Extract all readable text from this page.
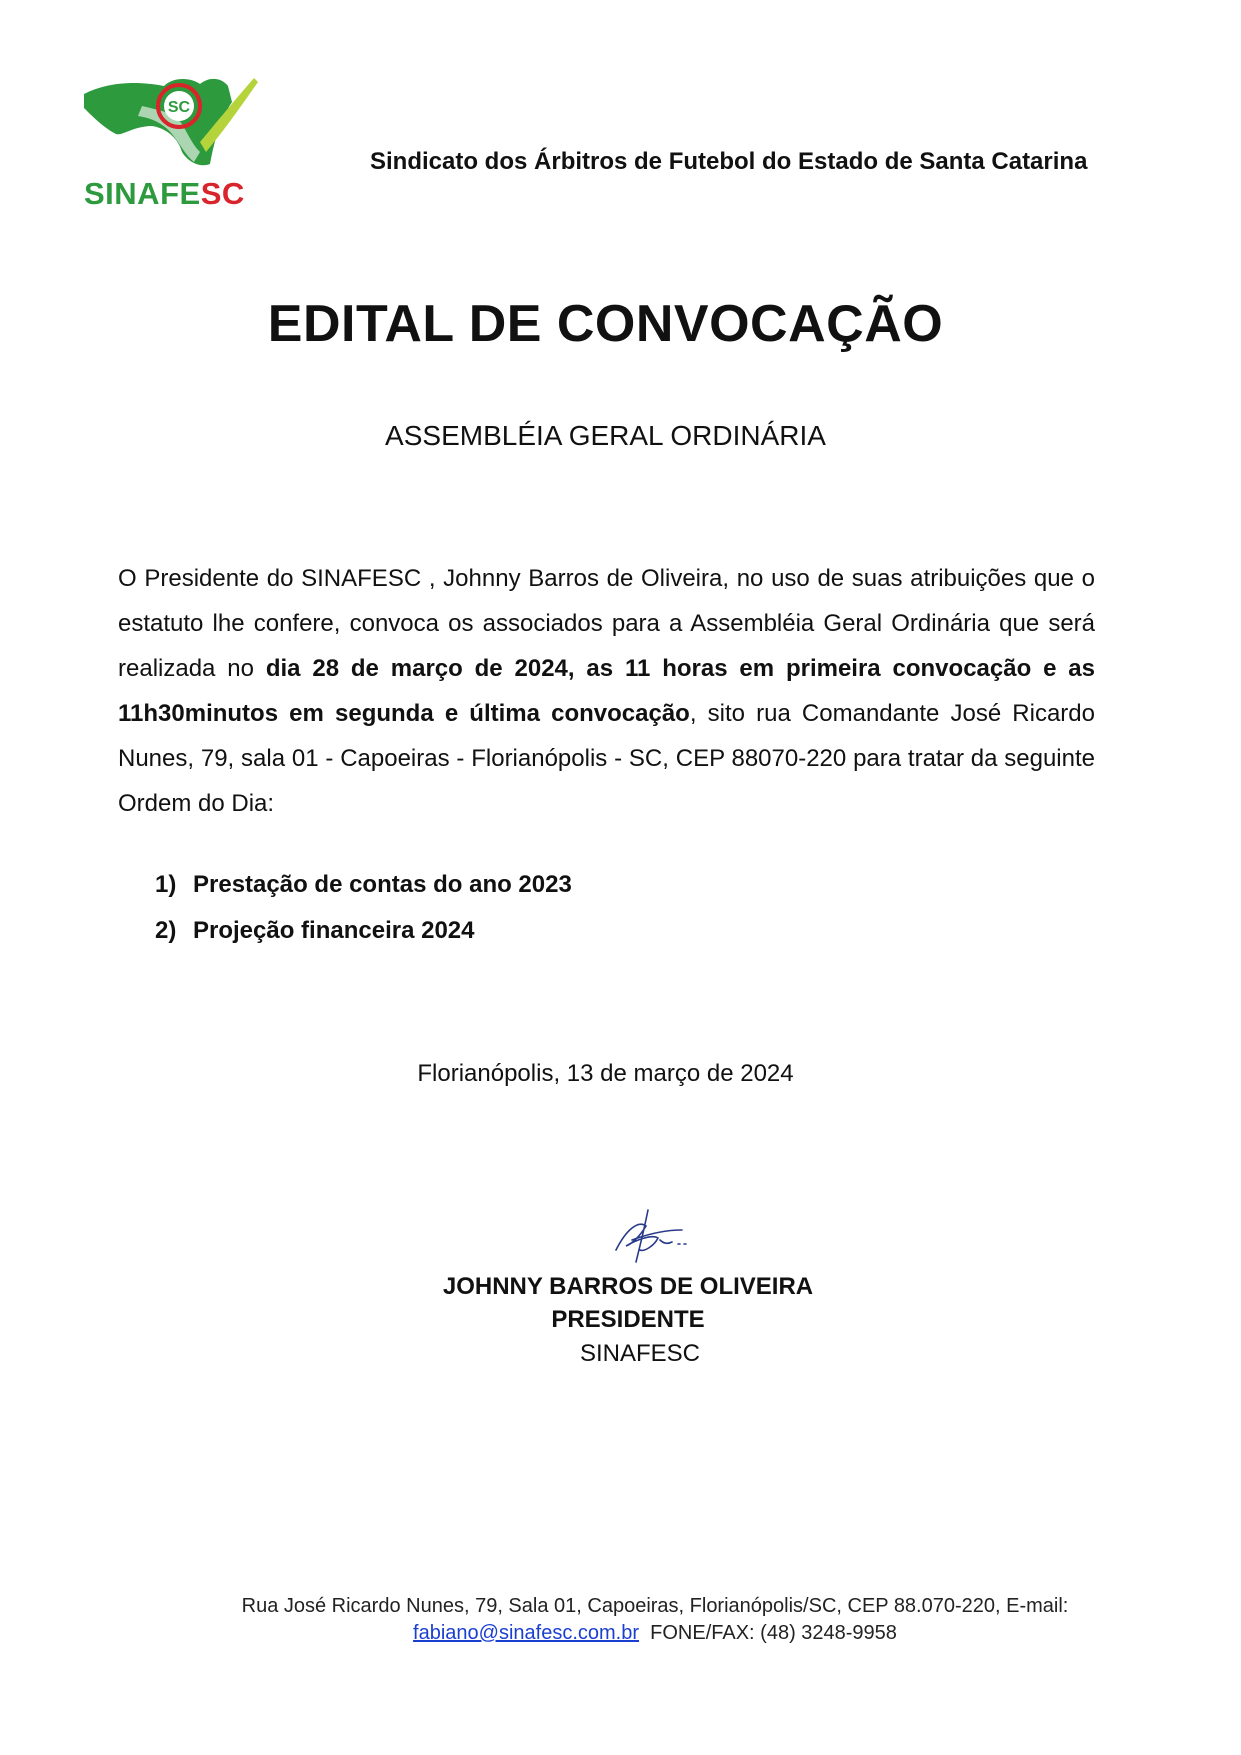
SC
SINAFESC
Sindicato dos Árbitros de Futebol do Estado de Santa Catarina
EDITAL DE CONVOCAÇÃO
ASSEMBLÉIA GERAL ORDINÁRIA
O Presidente do SINAFESC , Johnny Barros de Oliveira, no uso de suas atribuições que o estatuto lhe confere, convoca os associados para a Assembléia Geral Ordinária que será realizada no dia 28 de março de 2024, as 11 horas em primeira convocação e as 11h30minutos em segunda e última convocação, sito rua Comandante José Ricardo Nunes, 79, sala 01 - Capoeiras - Florianópolis - SC, CEP 88070-220 para tratar da seguinte Ordem do Dia:
1) Prestação de contas do ano 2023
2) Projeção financeira 2024
Florianópolis, 13 de março de 2024
JOHNNY BARROS DE OLIVEIRA
PRESIDENTE
SINAFESC
Rua José Ricardo Nunes, 79, Sala 01, Capoeiras, Florianópolis/SC, CEP 88.070-220, E-mail:
fabiano@sinafesc.com.br FONE/FAX: (48) 3248-9958
